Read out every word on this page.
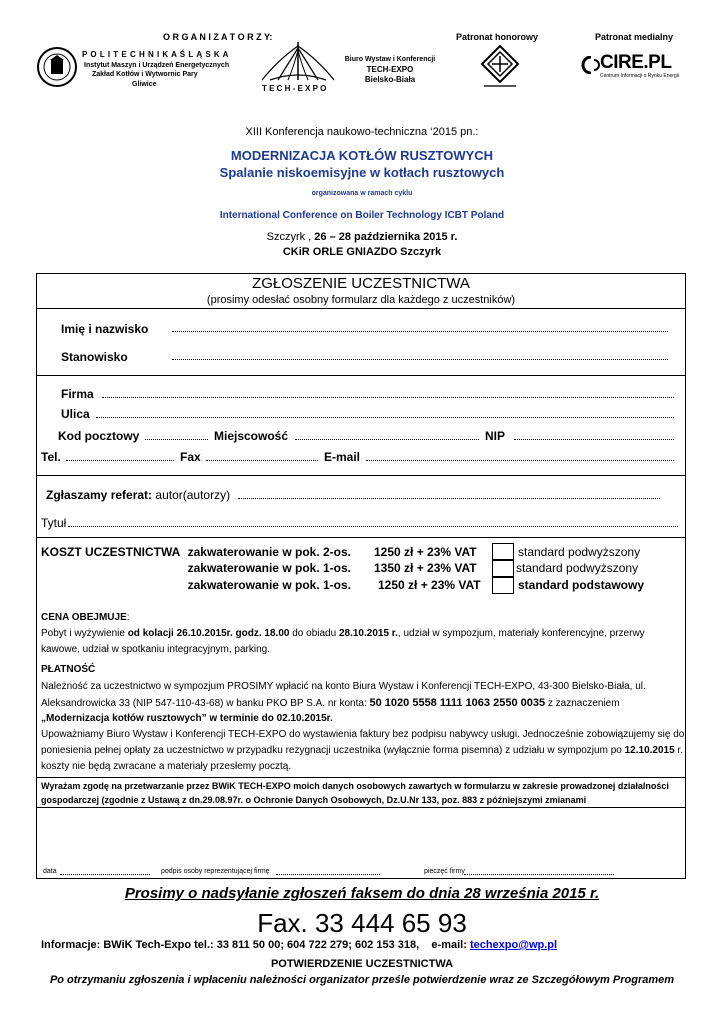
O R G A N I Z A T O R Z Y:	Patronat honorowy	Patronat medialny
P O L I T E C H N I K A Ś L Ą S K A
Instytut Maszyn i Urządzeń Energetycznych
Zakład Kotłów i Wytwornic Pary
Gliwice	T E C H - E X P O
Biuro Wystaw i Konferencji
TECH-EXPO
Bielsko-Biała
CIRE.PL
Centrum Informacji o Rynku Energii
XIII Konferencja naukowo-techniczna ‘2015 pn.:
MODERNIZACJA KOTŁÓW RUSZTOWYCH
Spalanie niskoemisyjne w kotłach rusztowych
organizowana w ramach cyklu
International Conference on Boiler Technology ICBT Poland
Szczyrk , 26 – 28 października 2015 r.
CKiR ORLE GNIAZDO Szczyrk
ZGŁOSZENIE UCZESTNICTWA
(prosimy odesłać osobny formularz dla każdego z uczestników)
Imię i nazwisko
Stanowisko
Firma
Ulica
Kod pocztowy	Miejscowość	NIP
Tel.	Fax	E-mail
Zgłaszamy referat: autor(autorzy)
Tytuł
KOSZT UCZESTNICTWA zakwaterowanie w pok. 2-os. 1250 zł + 23% VAT	standard podwyższony
zakwaterowanie w pok. 1-os. 1350 zł + 23% VAT	standard podwyższony
zakwaterowanie w pok. 1-os. 1250 zł + 23% VAT	standard podstawowy
CENA OBEJMUJE:
Pobyt i wyżywienie od kolacji 26.10.2015r. godz. 18.00 do obiadu 28.10.2015 r., udział w sympozjum, materiały konferencyjne, przerwy
kawowe, udział w spotkaniu integracyjnym, parking.
PŁATNOŚĆ
Należność za uczestnictwo w sympozjum PROSIMY wpłacić na konto Biura Wystaw i Konferencji TECH-EXPO, 43-300 Bielsko-Biała, ul.
Aleksandrowicka 33 (NIP 547-110-43-68) w banku PKO BP S.A. nr konta: 50 1020 5558 1111 1063 2550 0035 z zaznaczeniem
„Modernizacja kotłów rusztowych” w terminie do 02.10.2015r.
Upoważniamy Biuro Wystaw i Konferencji TECH-EXPO do wystawienia faktury bez podpisu nabywcy usługi. Jednocześnie zobowiązujemy się do
poniesienia pełnej opłaty za uczestnictwo w przypadku rezygnacji uczestnika (wyłącznie forma pisemna) z udziału w sympozjum po 12.10.2015 r.
koszty nie będą zwracane a materiały przesłemy pocztą.
Wyrażam zgodę na przetwarzanie przez BWiK TECH-EXPO moich danych osobowych zawartych w formularzu w zakresie prowadzonej działalności
gospodarczej (zgodnie z Ustawą z dn.29.08.97r. o Ochronie Danych Osobowych, Dz.U.Nr 133, poz. 883 z późniejszymi zmianami
data	podpis osoby reprezentującej firmę	pieczęć firmy
Prosimy o nadsyłanie zgłoszeń faksem do dnia 28 września 2015 r.
Fax. 33 444 65 93
Informacje: BWiK Tech-Expo tel.: 33 811 50 00; 604 722 279; 602 153 318, e-mail: techexpo@wp.pl
POTWIERDZENIE UCZESTNICTWA
Po otrzymaniu zgłoszenia i wpłaceniu należności organizator prześle potwierdzenie wraz ze Szczegółowym Programem
